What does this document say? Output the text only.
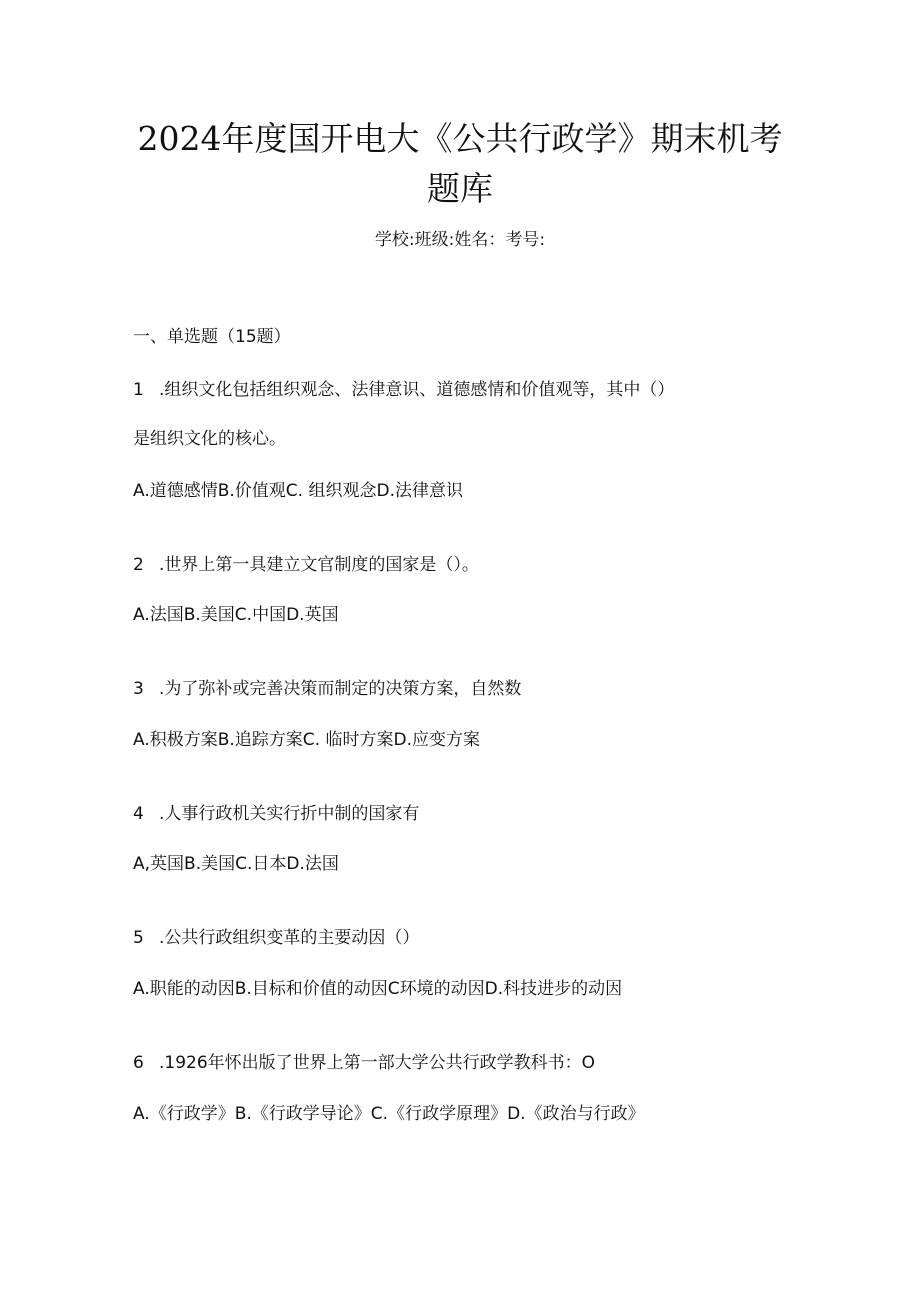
2024年度国开电大《公共行政学》期末机考
题库

学校:班级:姓名：考号:

一、单选题（15题）

1 .组织文化包括组织观念、法律意识、道德感情和价值观等，其中（）

是组织文化的核心。

A.道德感情B.价值观C. 组织观念D.法律意识

2 .世界上第一具建立文官制度的国家是（）。

A.法国B.美国C.中国D.英国

3 .为了弥补或完善决策而制定的决策方案，自然数

A.积极方案B.追踪方案C. 临时方案D.应变方案

4 .人事行政机关实行折中制的国家有

A,英国B.美国C.日本D.法国

5 .公共行政组织变革的主要动因（）

A.职能的动因B.目标和价值的动因C环境的动因D.科技进步的动因

6 .1926年怀出版了世界上第一部大学公共行政学教科书：O

A.《行政学》B.《行政学导论》C.《行政学原理》D.《政治与行政》
